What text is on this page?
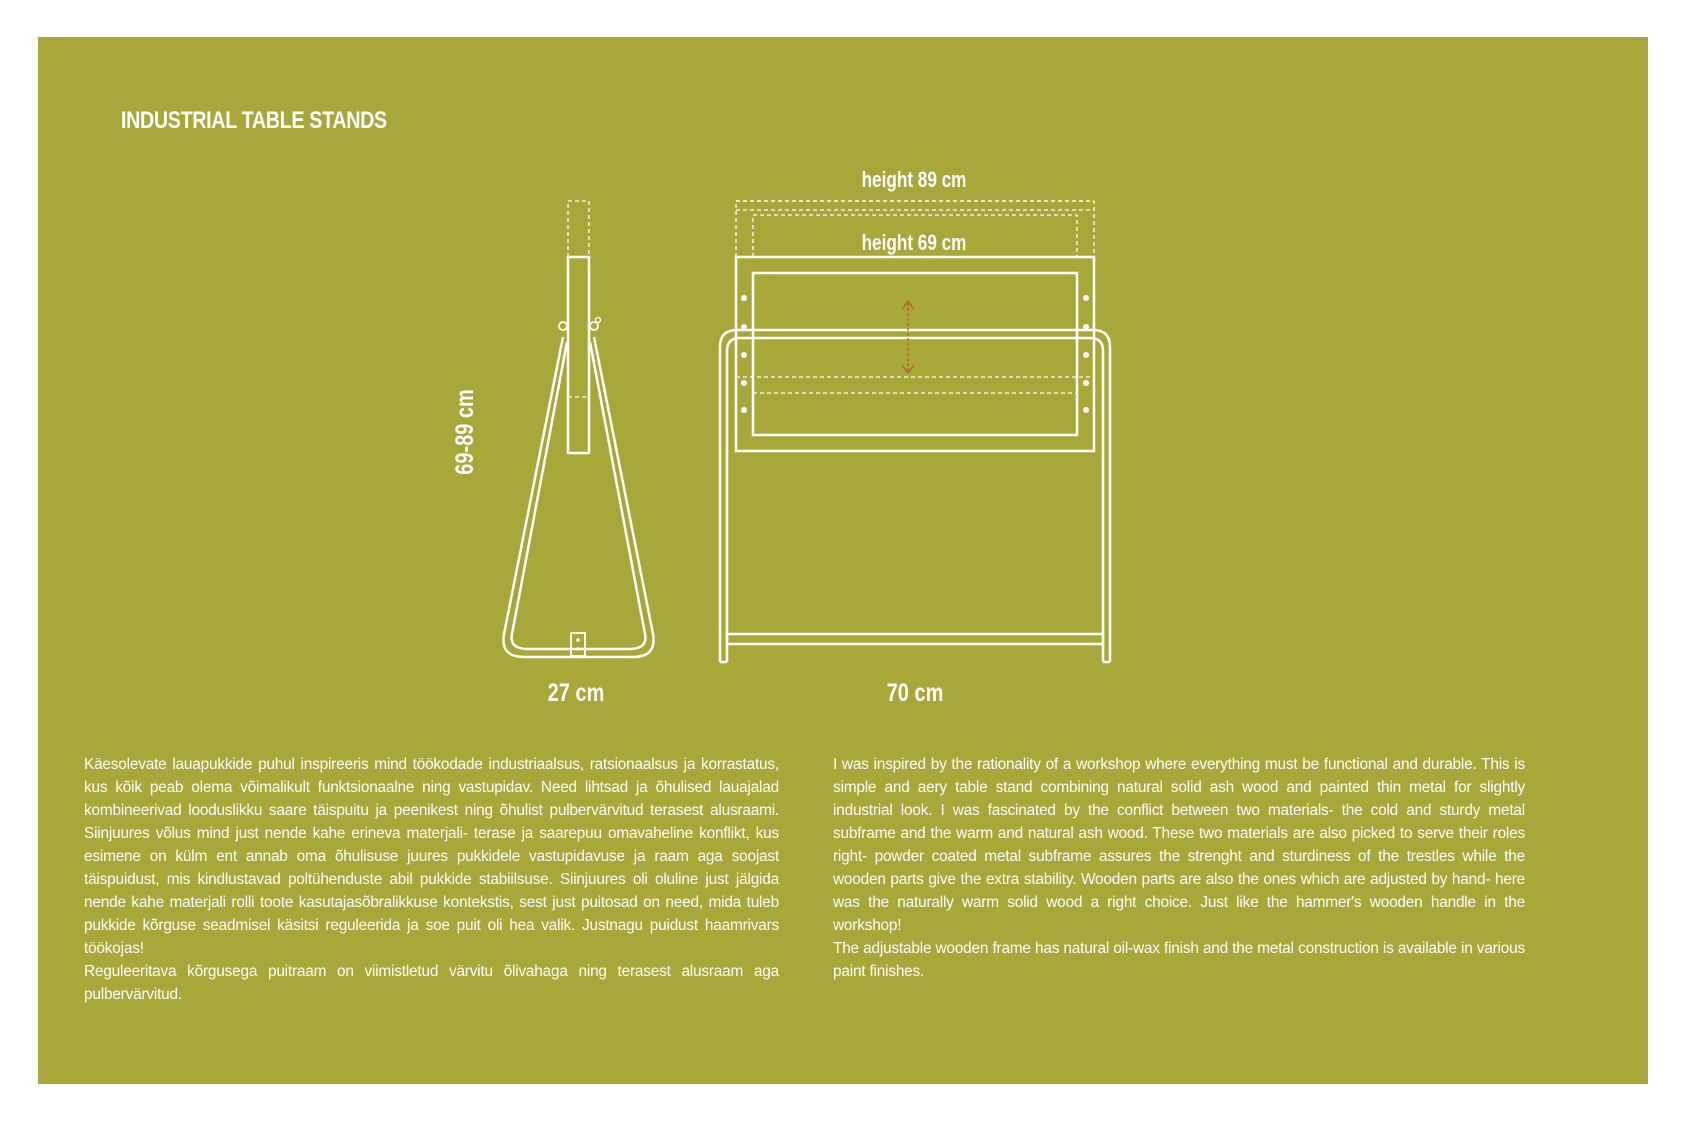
INDUSTRIAL TABLE STANDS
69-89 cm
27 cm
height 89 cm
height 69 cm
70 cm

Käesolevate lauapukkide puhul inspireeris mind töökodade industriaalsus, ratsionaalsus ja korrastatus, kus kõik peab olema võimalikult funktsionaalne ning vastupidav. Need lihtsad ja õhulised lauajalad kombineerivad looduslikku saare täispuitu ja peenikest ning õhulist pulbervärvitud terasest alusraami. Siinjuures võlus mind just nende kahe erineva materjali- terase ja saarepuu omavaheline konflikt, kus esimene on külm ent annab oma õhulisuse juures pukkidele vastupidavuse ja raam aga soojast täispuidust, mis kindlustavad poltühenduste abil pukkide stabiilsuse. Siinjuures oli oluline just jälgida nende kahe materjali rolli toote kasutajasõbralikkuse kontekstis, sest just puitosad on need, mida tuleb pukkide kõrguse seadmisel käsitsi reguleerida ja soe puit oli hea valik. Justnagu puidust haamrivars töökojas!

Reguleeritava kõrgusega puitraam on viimistletud värvitu õlivahaga ning terasest alusraam aga pulbervärvitud.

I was inspired by the rationality of a workshop where everything must be functional and durable. This is simple and aery table stand combining natural solid ash wood and painted thin metal for slightly industrial look. I was fascinated by the conflict between two materials- the cold and sturdy metal subframe and the warm and natural ash wood. These two materials are also picked to serve their roles right- powder coated metal subframe assures the strenght and sturdiness of the trestles while the wooden parts give the extra stability. Wooden parts are also the ones which are adjusted by hand- here was the naturally warm solid wood a right choice. Just like the hammer's wooden handle in the workshop!

The adjustable wooden frame has natural oil-wax finish and the metal construction is available in various paint finishes.
